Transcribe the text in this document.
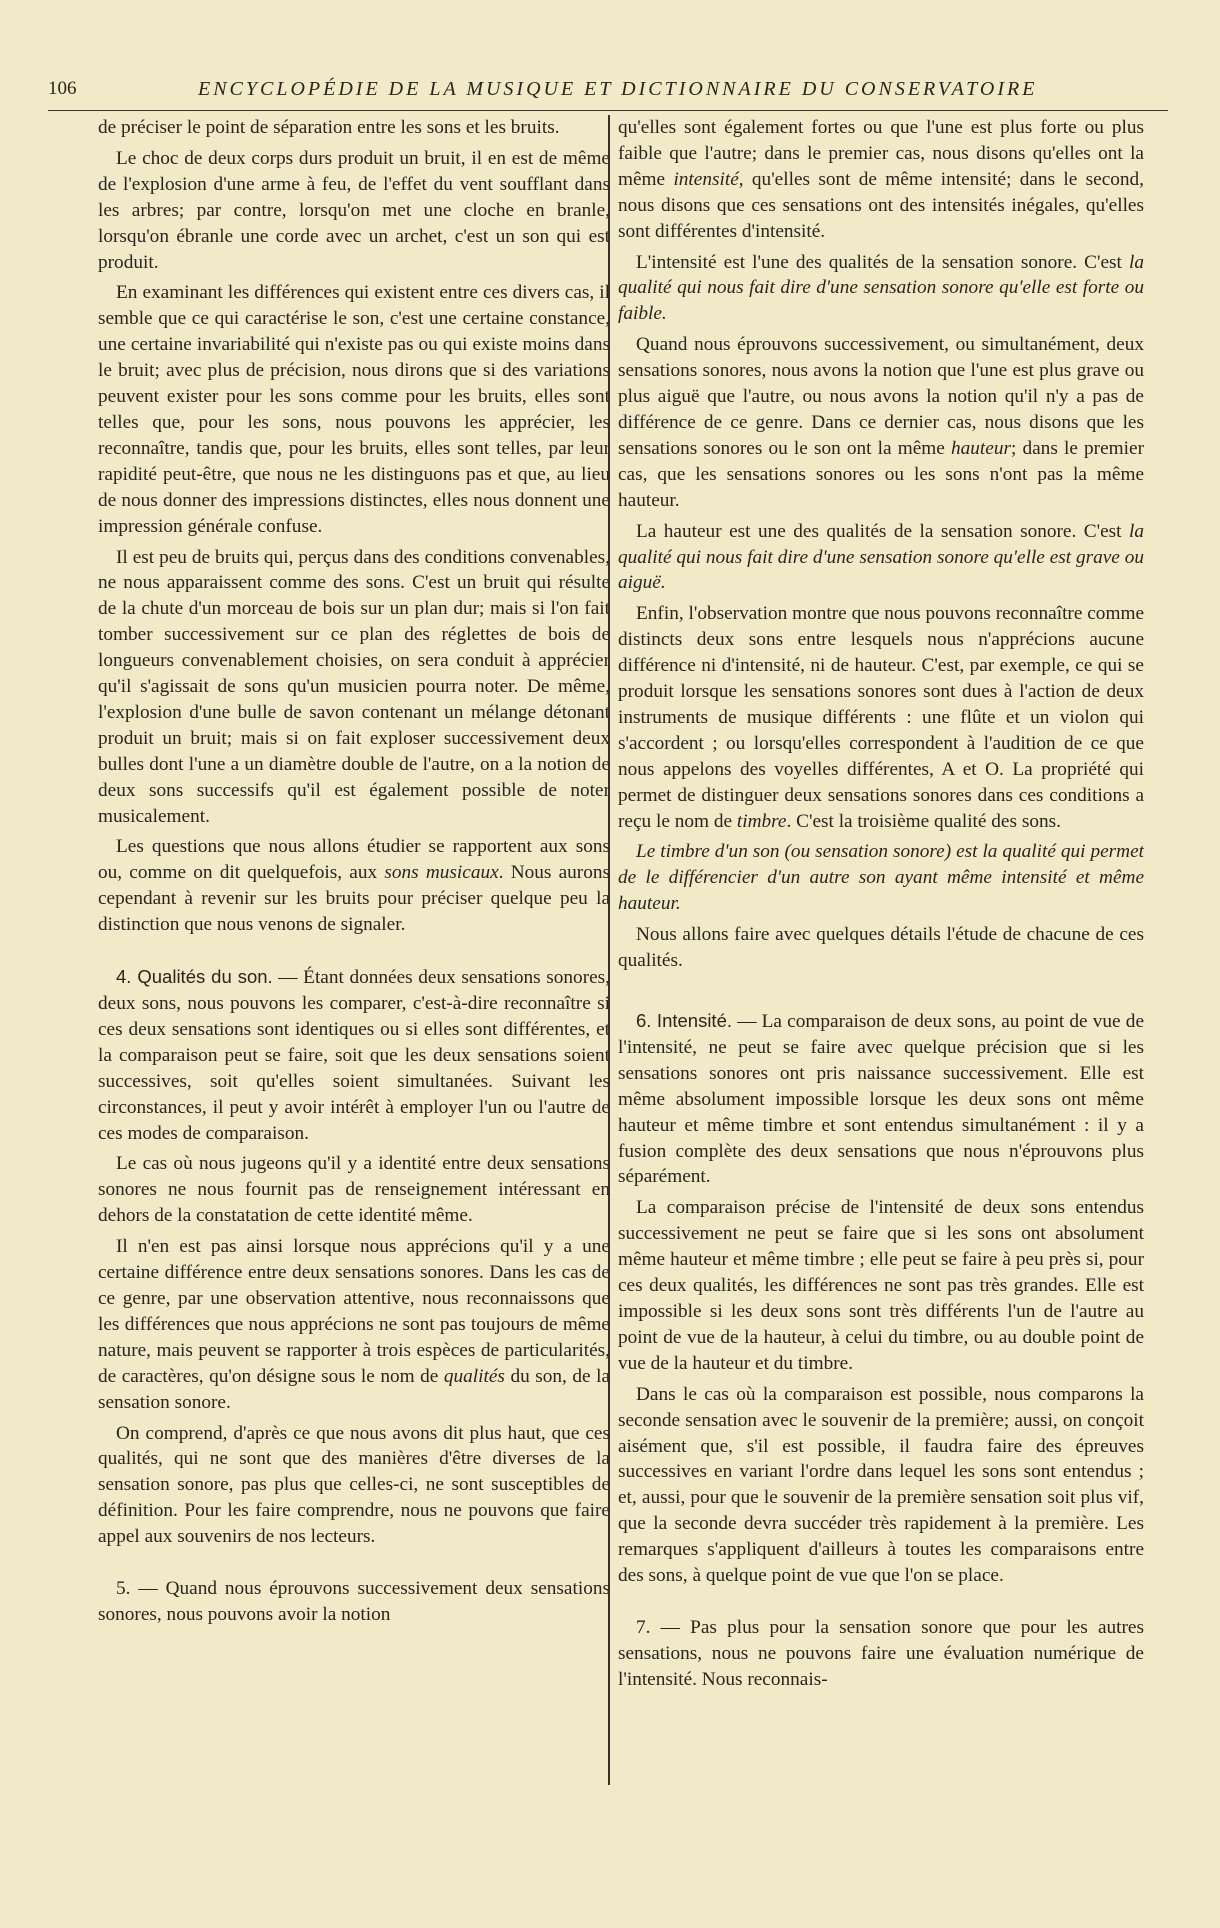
106	ENCYCLOPÉDIE DE LA MUSIQUE ET DICTIONNAIRE DU CONSERVATOIRE

de préciser le point de séparation entre les sons et les bruits.

Le choc de deux corps durs produit un bruit, il en est de même de l'explosion d'une arme à feu, de l'effet du vent soufflant dans les arbres; par contre, lorsqu'on met une cloche en branle, lorsqu'on ébranle une corde avec un archet, c'est un son qui est produit.

En examinant les différences qui existent entre ces divers cas, il semble que ce qui caractérise le son, c'est une certaine constance, une certaine invariabilité qui n'existe pas ou qui existe moins dans le bruit; avec plus de précision, nous dirons que si des variations peuvent exister pour les sons comme pour les bruits, elles sont telles que, pour les sons, nous pouvons les apprécier, les reconnaître, tandis que, pour les bruits, elles sont telles, par leur rapidité peut-être, que nous ne les distinguons pas et que, au lieu de nous donner des impressions distinctes, elles nous donnent une impression générale confuse.

Il est peu de bruits qui, perçus dans des conditions convenables, ne nous apparaissent comme des sons. C'est un bruit qui résulte de la chute d'un morceau de bois sur un plan dur; mais si l'on fait tomber successivement sur ce plan des réglettes de bois de longueurs convenablement choisies, on sera conduit à apprécier qu'il s'agissait de sons qu'un musicien pourra noter. De même, l'explosion d'une bulle de savon contenant un mélange détonant produit un bruit; mais si on fait exploser successivement deux bulles dont l'une a un diamètre double de l'autre, on a la notion de deux sons successifs qu'il est également possible de noter musicalement.

Les questions que nous allons étudier se rapportent aux sons ou, comme on dit quelquefois, aux sons musicaux. Nous aurons cependant à revenir sur les bruits pour préciser quelque peu la distinction que nous venons de signaler.

4. Qualités du son. — Étant données deux sensations sonores, deux sons, nous pouvons les comparer, c'est-à-dire reconnaître si ces deux sensations sont identiques ou si elles sont différentes, et la comparaison peut se faire, soit que les deux sensations soient successives, soit qu'elles soient simultanées. Suivant les circonstances, il peut y avoir intérêt à employer l'un ou l'autre de ces modes de comparaison.

Le cas où nous jugeons qu'il y a identité entre deux sensations sonores ne nous fournit pas de renseignement intéressant en dehors de la constatation de cette identité même.

Il n'en est pas ainsi lorsque nous apprécions qu'il y a une certaine différence entre deux sensations sonores. Dans les cas de ce genre, par une observation attentive, nous reconnaissons que les différences que nous apprécions ne sont pas toujours de même nature, mais peuvent se rapporter à trois espèces de particularités, de caractères, qu'on désigne sous le nom de qualités du son, de la sensation sonore.

On comprend, d'après ce que nous avons dit plus haut, que ces qualités, qui ne sont que des manières d'être diverses de la sensation sonore, pas plus que celles-ci, ne sont susceptibles de définition. Pour les faire comprendre, nous ne pouvons que faire appel aux souvenirs de nos lecteurs.

5. — Quand nous éprouvons successivement deux sensations sonores, nous pouvons avoir la notion

qu'elles sont également fortes ou que l'une est plus forte ou plus faible que l'autre; dans le premier cas, nous disons qu'elles ont la même intensité, qu'elles sont de même intensité; dans le second, nous disons que ces sensations ont des intensités inégales, qu'elles sont différentes d'intensité.

L'intensité est l'une des qualités de la sensation sonore. C'est la qualité qui nous fait dire d'une sensation sonore qu'elle est forte ou faible.

Quand nous éprouvons successivement, ou simultanément, deux sensations sonores, nous avons la notion que l'une est plus grave ou plus aiguë que l'autre, ou nous avons la notion qu'il n'y a pas de différence de ce genre. Dans ce dernier cas, nous disons que les sensations sonores ou le son ont la même hauteur; dans le premier cas, que les sensations sonores ou les sons n'ont pas la même hauteur.

La hauteur est une des qualités de la sensation sonore. C'est la qualité qui nous fait dire d'une sensation sonore qu'elle est grave ou aiguë.

Enfin, l'observation montre que nous pouvons reconnaître comme distincts deux sons entre lesquels nous n'apprécions aucune différence ni d'intensité, ni de hauteur. C'est, par exemple, ce qui se produit lorsque les sensations sonores sont dues à l'action de deux instruments de musique différents : une flûte et un violon qui s'accordent ; ou lorsqu'elles correspondent à l'audition de ce que nous appelons des voyelles différentes, A et O. La propriété qui permet de distinguer deux sensations sonores dans ces conditions a reçu le nom de timbre. C'est la troisième qualité des sons.

Le timbre d'un son (ou sensation sonore) est la qualité qui permet de le différencier d'un autre son ayant même intensité et même hauteur.

Nous allons faire avec quelques détails l'étude de chacune de ces qualités.

6. Intensité. — La comparaison de deux sons, au point de vue de l'intensité, ne peut se faire avec quelque précision que si les sensations sonores ont pris naissance successivement. Elle est même absolument impossible lorsque les deux sons ont même hauteur et même timbre et sont entendus simultanément : il y a fusion complète des deux sensations que nous n'éprouvons plus séparément.

La comparaison précise de l'intensité de deux sons entendus successivement ne peut se faire que si les sons ont absolument même hauteur et même timbre ; elle peut se faire à peu près si, pour ces deux qualités, les différences ne sont pas très grandes. Elle est impossible si les deux sons sont très différents l'un de l'autre au point de vue de la hauteur, à celui du timbre, ou au double point de vue de la hauteur et du timbre.

Dans le cas où la comparaison est possible, nous comparons la seconde sensation avec le souvenir de la première; aussi, on conçoit aisément que, s'il est possible, il faudra faire des épreuves successives en variant l'ordre dans lequel les sons sont entendus ; et, aussi, pour que le souvenir de la première sensation soit plus vif, que la seconde devra succéder très rapidement à la première. Les remarques s'appliquent d'ailleurs à toutes les comparaisons entre des sons, à quelque point de vue que l'on se place.

7. — Pas plus pour la sensation sonore que pour les autres sensations, nous ne pouvons faire une évaluation numérique de l'intensité. Nous reconnais-
